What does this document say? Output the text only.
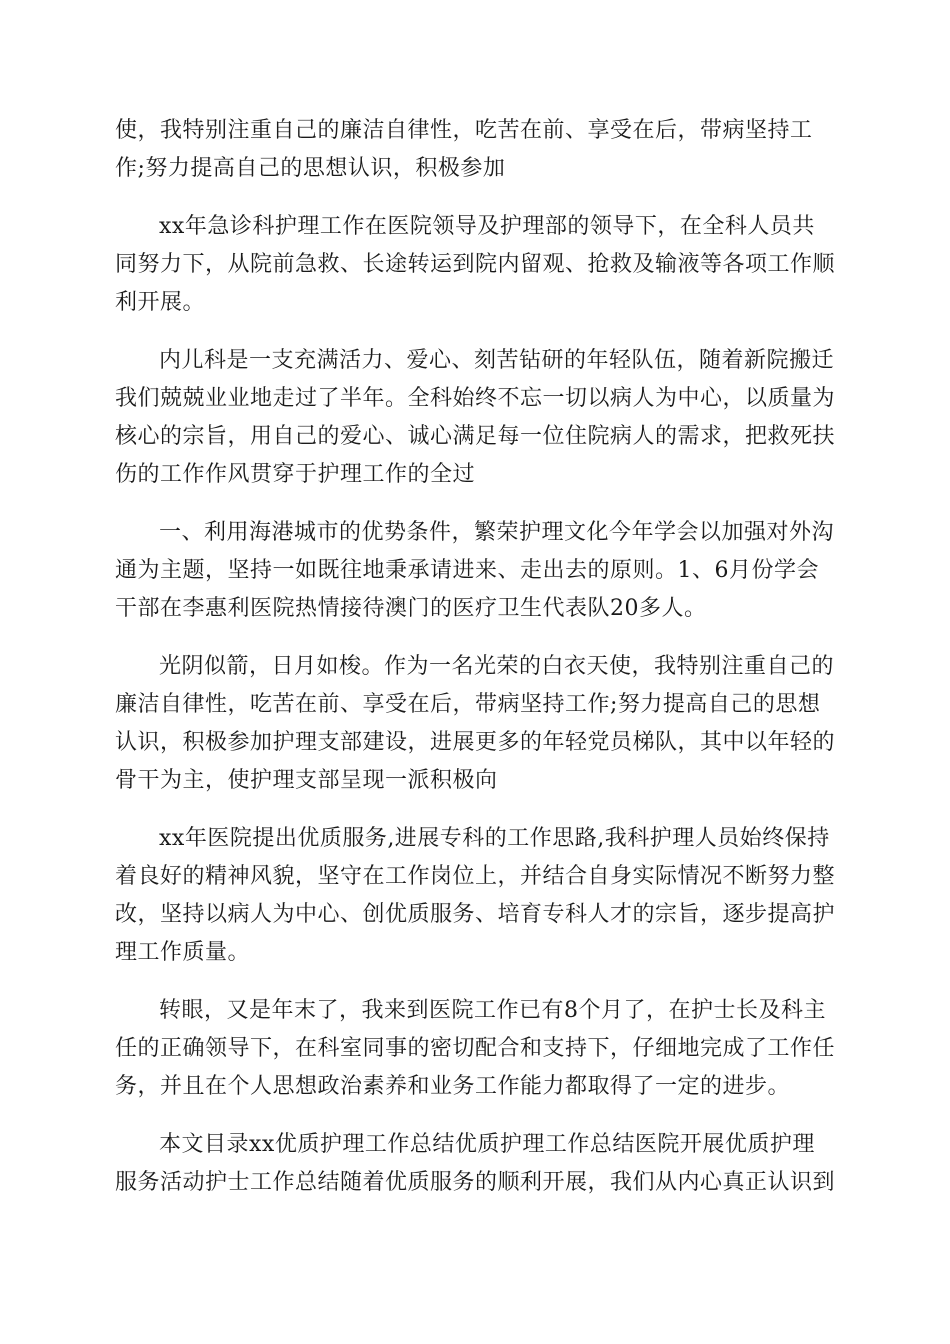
使，我特别注重自己的廉洁自律性，吃苦在前、享受在后，带病坚持工作;努力提高自己的思想认识，积极参加

xx年急诊科护理工作在医院领导及护理部的领导下，在全科人员共同努力下，从院前急救、长途转运到院内留观、抢救及输液等各项工作顺利开展。

内儿科是一支充满活力、爱心、刻苦钻研的年轻队伍，随着新院搬迁我们兢兢业业地走过了半年。全科始终不忘一切以病人为中心，以质量为核心的宗旨，用自己的爱心、诚心满足每一位住院病人的需求，把救死扶伤的工作作风贯穿于护理工作的全过

一、利用海港城市的优势条件，繁荣护理文化今年学会以加强对外沟通为主题，坚持一如既往地秉承请进来、走出去的原则。1、6月份学会干部在李惠利医院热情接待澳门的医疗卫生代表队20多人。

光阴似箭，日月如梭。作为一名光荣的白衣天使，我特别注重自己的廉洁自律性，吃苦在前、享受在后，带病坚持工作;努力提高自己的思想认识，积极参加护理支部建设，进展更多的年轻党员梯队，其中以年轻的骨干为主，使护理支部呈现一派积极向

xx年医院提出优质服务,进展专科的工作思路,我科护理人员始终保持着良好的精神风貌，坚守在工作岗位上，并结合自身实际情况不断努力整改，坚持以病人为中心、创优质服务、培育专科人才的宗旨，逐步提高护理工作质量。

转眼，又是年末了，我来到医院工作已有8个月了，在护士长及科主任的正确领导下，在科室同事的密切配合和支持下，仔细地完成了工作任务，并且在个人思想政治素养和业务工作能力都取得了一定的进步。

本文目录xx优质护理工作总结优质护理工作总结医院开展优质护理服务活动护士工作总结随着优质服务的顺利开展，我们从内心真正认识到
